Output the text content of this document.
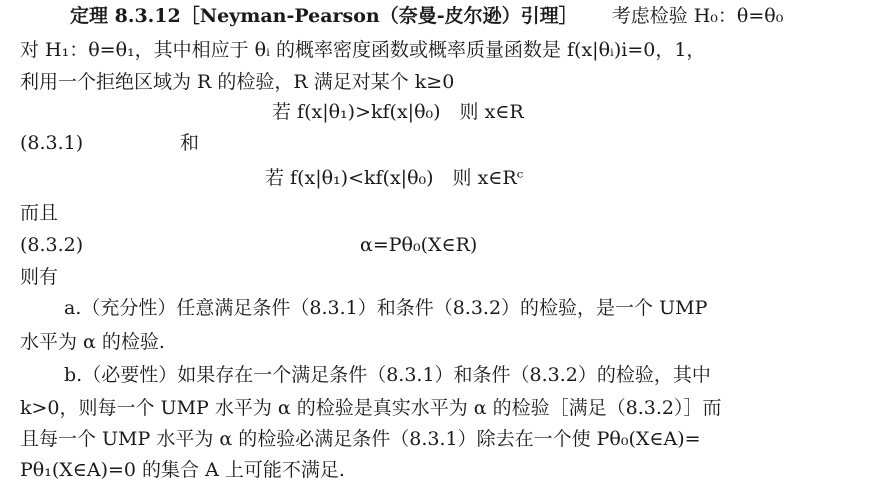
定理 8.3.12［Neyman-Pearson（奈曼-皮尔逊）引理］ 考虑检验 H₀：θ=θ₀
对 H₁：θ=θ₁，其中相应于 θᵢ 的概率密度函数或概率质量函数是 f(x|θᵢ)i=0，1，
利用一个拒绝区域为 R 的检验，R 满足对某个 k≥0
若 f(x|θ₁)>kf(x|θ₀)　则 x∈R
(8.3.1)	和
若 f(x|θ₁)<kf(x|θ₀)　则 x∈Rᶜ
而且
(8.3.2)	α=Pθ₀(X∈R)
则有
a.（充分性）任意满足条件（8.3.1）和条件（8.3.2）的检验，是一个 UMP
水平为 α 的检验.
b.（必要性）如果存在一个满足条件（8.3.1）和条件（8.3.2）的检验，其中
k>0，则每一个 UMP 水平为 α 的检验是真实水平为 α 的检验［满足（8.3.2）］而
且每一个 UMP 水平为 α 的检验必满足条件（8.3.1）除去在一个使 Pθ₀(X∈A)=
Pθ₁(X∈A)=0 的集合 A 上可能不满足.
